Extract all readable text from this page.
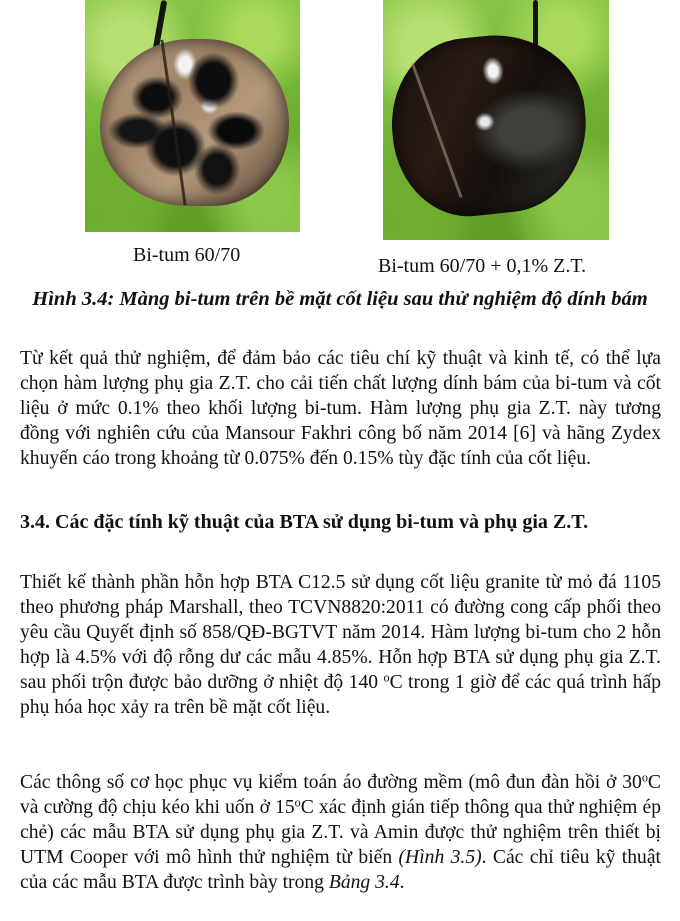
Bi-tum 60/70	Bi-tum 60/70 + 0,1% Z.T.
Hình 3.4: Màng bi-tum trên bề mặt cốt liệu sau thử nghiệm độ dính bám

Từ kết quả thử nghiệm, để đảm bảo các tiêu chí kỹ thuật và kinh tế, có thể lựa chọn hàm lượng phụ gia Z.T. cho cải tiến chất lượng dính bám của bi-tum và cốt liệu ở mức 0.1% theo khối lượng bi-tum. Hàm lượng phụ gia Z.T. này tương đồng với nghiên cứu của Mansour Fakhri công bố năm 2014 [6] và hãng Zydex khuyến cáo trong khoảng từ 0.075% đến 0.15% tùy đặc tính của cốt liệu.

3.4. Các đặc tính kỹ thuật của BTA sử dụng bi-tum và phụ gia Z.T.

Thiết kế thành phần hỗn hợp BTA C12.5 sử dụng cốt liệu granite từ mỏ đá 1105 theo phương pháp Marshall, theo TCVN8820:2011 có đường cong cấp phối theo yêu cầu Quyết định số 858/QĐ-BGTVT năm 2014. Hàm lượng bi-tum cho 2 hỗn hợp là 4.5% với độ rỗng dư các mẫu 4.85%. Hỗn hợp BTA sử dụng phụ gia Z.T. sau phối trộn được bảo dưỡng ở nhiệt độ 140 $^o$C trong 1 giờ để các quá trình hấp phụ hóa học xảy ra trên bề mặt cốt liệu.

Các thông số cơ học phục vụ kiểm toán áo đường mềm (mô đun đàn hồi ở 30$^o$C và cường độ chịu kéo khi uốn ở 15$^o$C xác định gián tiếp thông qua thử nghiệm ép chẻ) các mẫu BTA sử dụng phụ gia Z.T. và Amin được thử nghiệm trên thiết bị UTM Cooper với mô hình thử nghiệm từ biến (Hình 3.5). Các chỉ tiêu kỹ thuật của các mẫu BTA được trình bày trong Bảng 3.4.
